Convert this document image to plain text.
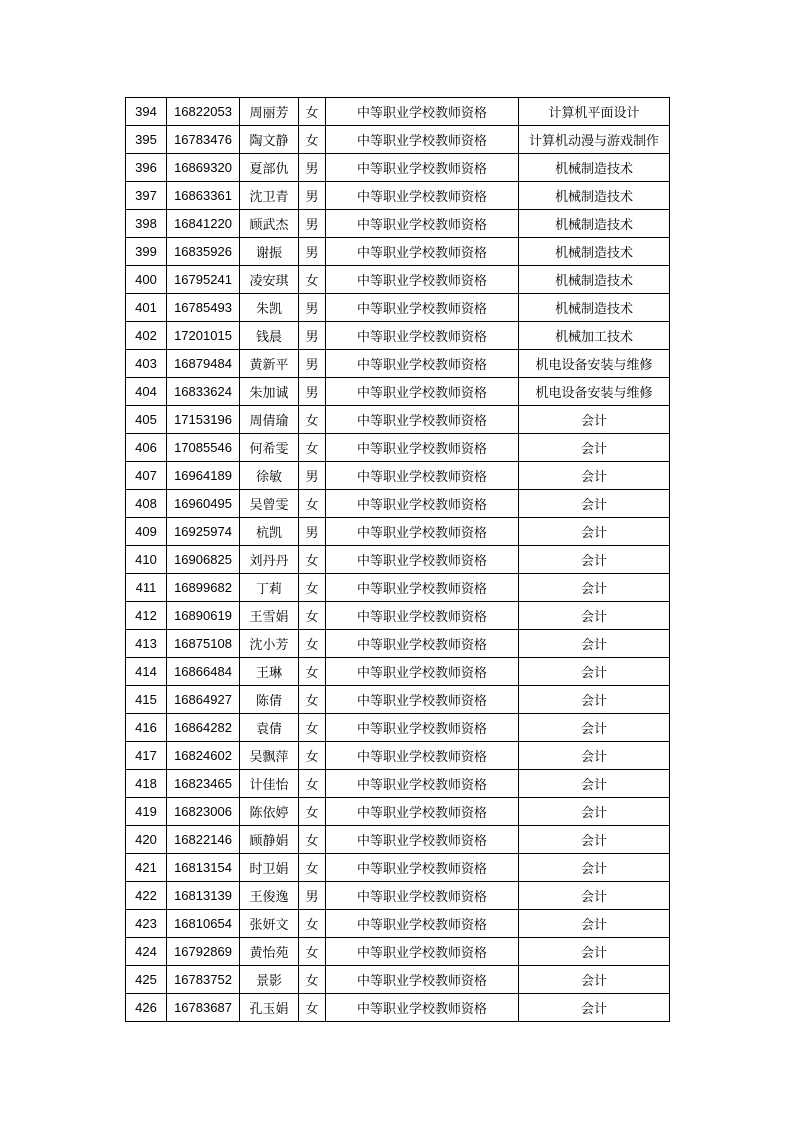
394	16822053	周丽芳	女	中等职业学校教师资格	计算机平面设计
395	16783476	陶文静	女	中等职业学校教师资格	计算机动漫与游戏制作
396	16869320	夏部仇	男	中等职业学校教师资格	机械制造技术
397	16863361	沈卫青	男	中等职业学校教师资格	机械制造技术
398	16841220	顾武杰	男	中等职业学校教师资格	机械制造技术
399	16835926	谢振	男	中等职业学校教师资格	机械制造技术
400	16795241	凌安琪	女	中等职业学校教师资格	机械制造技术
401	16785493	朱凯	男	中等职业学校教师资格	机械制造技术
402	17201015	钱晨	男	中等职业学校教师资格	机械加工技术
403	16879484	黄新平	男	中等职业学校教师资格	机电设备安装与维修
404	16833624	朱加诚	男	中等职业学校教师资格	机电设备安装与维修
405	17153196	周倩瑜	女	中等职业学校教师资格	会计
406	17085546	何希雯	女	中等职业学校教师资格	会计
407	16964189	徐敏	男	中等职业学校教师资格	会计
408	16960495	吴曾雯	女	中等职业学校教师资格	会计
409	16925974	杭凯	男	中等职业学校教师资格	会计
410	16906825	刘丹丹	女	中等职业学校教师资格	会计
411	16899682	丁莉	女	中等职业学校教师资格	会计
412	16890619	王雪娟	女	中等职业学校教师资格	会计
413	16875108	沈小芳	女	中等职业学校教师资格	会计
414	16866484	王琳	女	中等职业学校教师资格	会计
415	16864927	陈倩	女	中等职业学校教师资格	会计
416	16864282	袁倩	女	中等职业学校教师资格	会计
417	16824602	吴飘萍	女	中等职业学校教师资格	会计
418	16823465	计佳怡	女	中等职业学校教师资格	会计
419	16823006	陈依婷	女	中等职业学校教师资格	会计
420	16822146	顾静娟	女	中等职业学校教师资格	会计
421	16813154	时卫娟	女	中等职业学校教师资格	会计
422	16813139	王俊逸	男	中等职业学校教师资格	会计
423	16810654	张妍文	女	中等职业学校教师资格	会计
424	16792869	黄怡苑	女	中等职业学校教师资格	会计
425	16783752	景影	女	中等职业学校教师资格	会计
426	16783687	孔玉娟	女	中等职业学校教师资格	会计
